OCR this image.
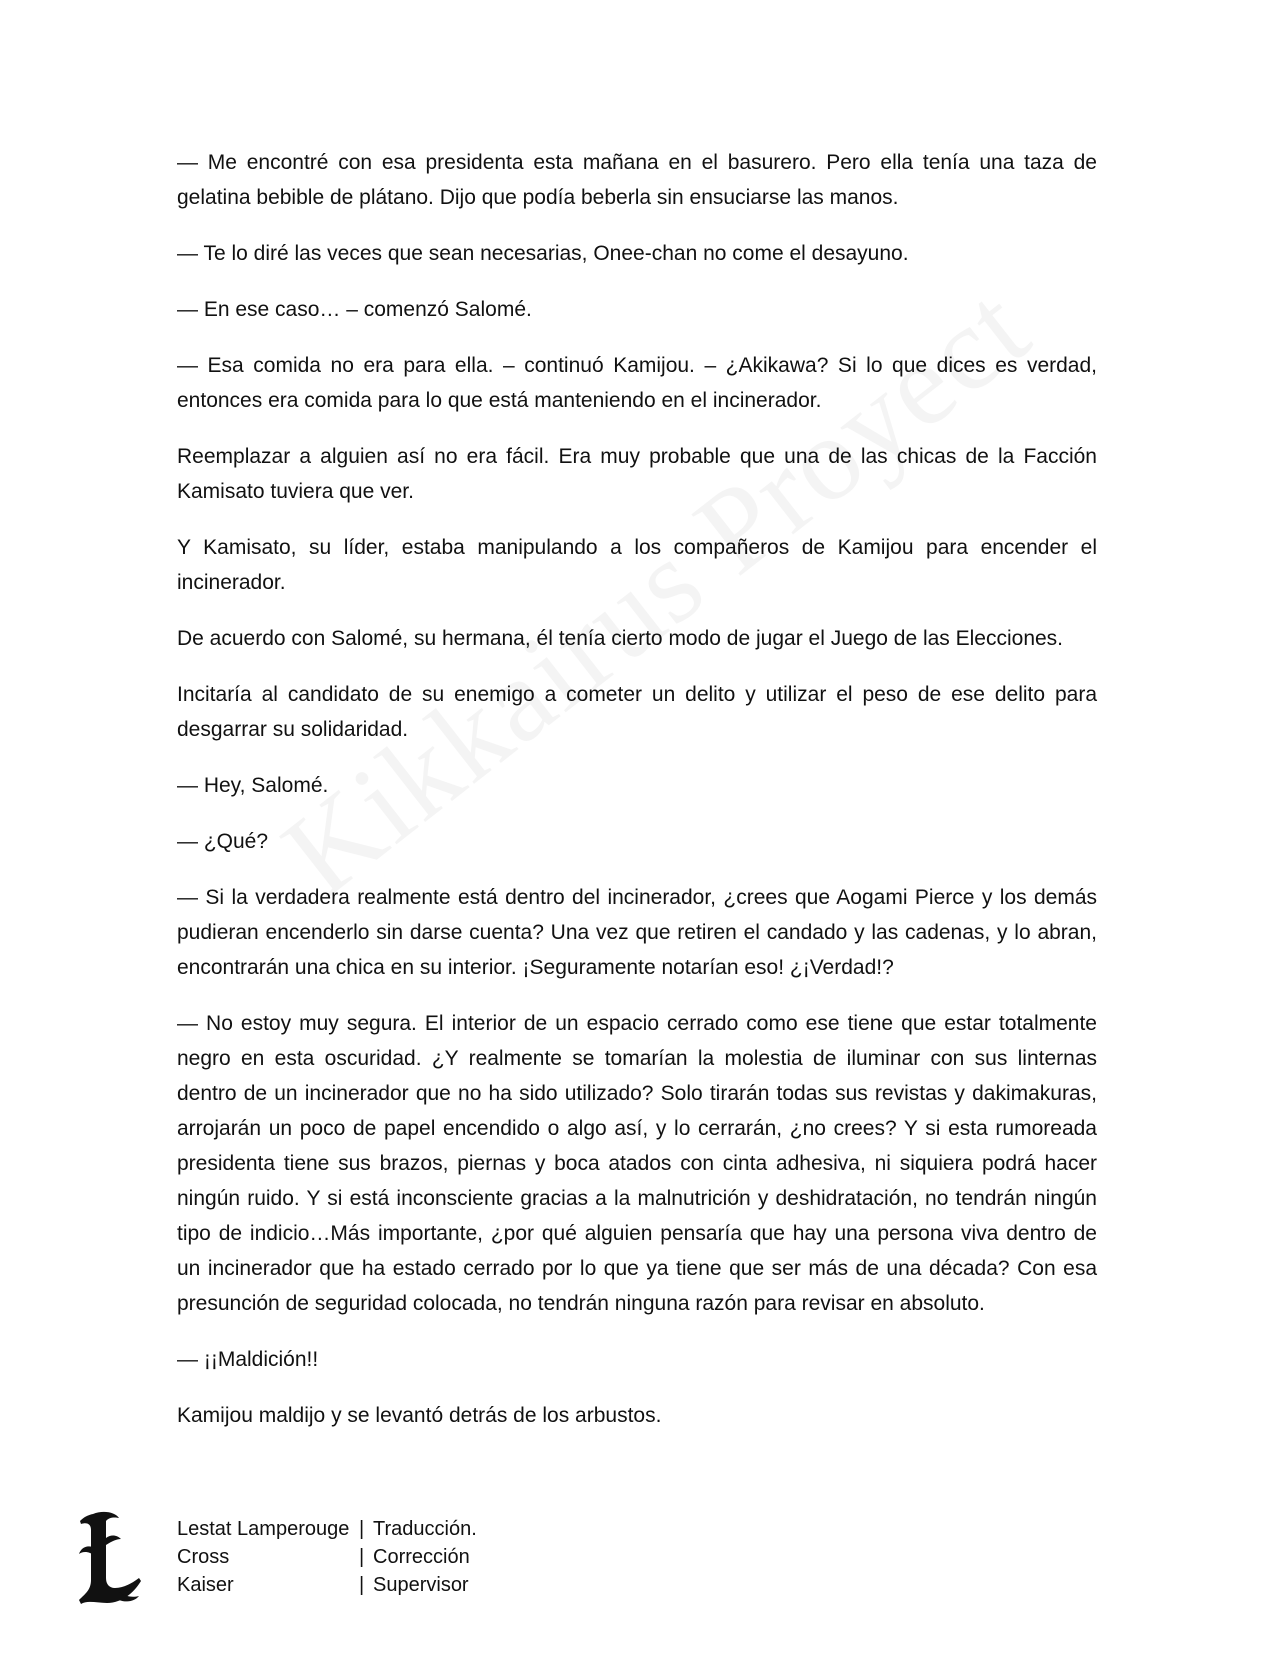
— Me encontré con esa presidenta esta mañana en el basurero. Pero ella tenía una taza de gelatina bebible de plátano. Dijo que podía beberla sin ensuciarse las manos.

— Te lo diré las veces que sean necesarias, Onee-chan no come el desayuno.

— En ese caso… – comenzó Salomé.

— Esa comida no era para ella. – continuó Kamijou. – ¿Akikawa? Si lo que dices es verdad, entonces era comida para lo que está manteniendo en el incinerador.

Reemplazar a alguien así no era fácil. Era muy probable que una de las chicas de la Facción Kamisato tuviera que ver.

Y Kamisato, su líder, estaba manipulando a los compañeros de Kamijou para encender el incinerador.

De acuerdo con Salomé, su hermana, él tenía cierto modo de jugar el Juego de las Elecciones.

Incitaría al candidato de su enemigo a cometer un delito y utilizar el peso de ese delito para desgarrar su solidaridad.

— Hey, Salomé.

— ¿Qué?

— Si la verdadera realmente está dentro del incinerador, ¿crees que Aogami Pierce y los demás pudieran encenderlo sin darse cuenta? Una vez que retiren el candado y las cadenas, y lo abran, encontrarán una chica en su interior. ¡Seguramente notarían eso! ¿¡Verdad!?

— No estoy muy segura. El interior de un espacio cerrado como ese tiene que estar totalmente negro en esta oscuridad. ¿Y realmente se tomarían la molestia de iluminar con sus linternas dentro de un incinerador que no ha sido utilizado? Solo tirarán todas sus revistas y dakimakuras, arrojarán un poco de papel encendido o algo así, y lo cerrarán, ¿no crees? Y si esta rumoreada presidenta tiene sus brazos, piernas y boca atados con cinta adhesiva, ni siquiera podrá hacer ningún ruido. Y si está inconsciente gracias a la malnutrición y deshidratación, no tendrán ningún tipo de indicio…Más importante, ¿por qué alguien pensaría que hay una persona viva dentro de un incinerador que ha estado cerrado por lo que ya tiene que ser más de una década? Con esa presunción de seguridad colocada, no tendrán ninguna razón para revisar en absoluto.

— ¡¡Maldición!!

Kamijou maldijo y se levantó detrás de los arbustos.

Lestat Lamperouge | Traducción.
Cross	| Corrección
Kaiser	| Supervisor
